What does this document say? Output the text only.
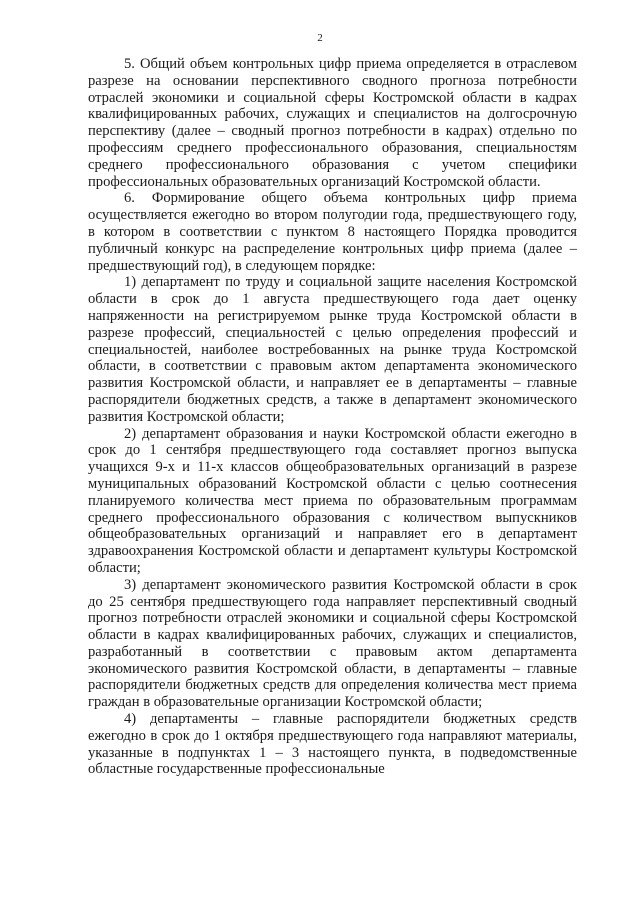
2

5. Общий объем контрольных цифр приема определяется в отраслевом разрезе на основании перспективного сводного прогноза потребности отраслей экономики и социальной сферы Костромской области в кадрах квалифицированных рабочих, служащих и специалистов на долгосрочную перспективу (далее – сводный прогноз потребности в кадрах) отдельно по профессиям среднего профессионального образования, специальностям среднего профессионального образования с учетом специфики профессиональных образовательных организаций Костромской области.

6. Формирование общего объема контрольных цифр приема осуществляется ежегодно во втором полугодии года, предшествующего году, в котором в соответствии с пунктом 8 настоящего Порядка проводится публичный конкурс на распределение контрольных цифр приема (далее – предшествующий год), в следующем порядке:

1) департамент по труду и социальной защите населения Костромской области в срок до 1 августа предшествующего года дает оценку напряженности на регистрируемом рынке труда Костромской области в разрезе профессий, специальностей с целью определения профессий и специальностей, наиболее востребованных на рынке труда Костромской области, в соответствии с правовым актом департамента экономического развития Костромской области, и направляет ее в департаменты – главные распорядители бюджетных средств, а также в департамент экономического развития Костромской области;

2) департамент образования и науки Костромской области ежегодно в срок до 1 сентября предшествующего года составляет прогноз выпуска учащихся 9-х и 11-х классов общеобразовательных организаций в разрезе муниципальных образований Костромской области с целью соотнесения планируемого количества мест приема по образовательным программам среднего профессионального образования с количеством выпускников общеобразовательных организаций и направляет его в департамент здравоохранения Костромской области и департамент культуры Костромской области;

3) департамент экономического развития Костромской области в срок до 25 сентября предшествующего года направляет перспективный сводный прогноз потребности отраслей экономики и социальной сферы Костромской области в кадрах квалифицированных рабочих, служащих и специалистов, разработанный в соответствии с правовым актом департамента экономического развития Костромской области, в департаменты – главные распорядители бюджетных средств для определения количества мест приема граждан в образовательные организации Костромской области;

4) департаменты – главные распорядители бюджетных средств ежегодно в срок до 1 октября предшествующего года направляют материалы, указанные в подпунктах 1 – 3 настоящего пункта, в подведомственные областные государственные профессиональные
